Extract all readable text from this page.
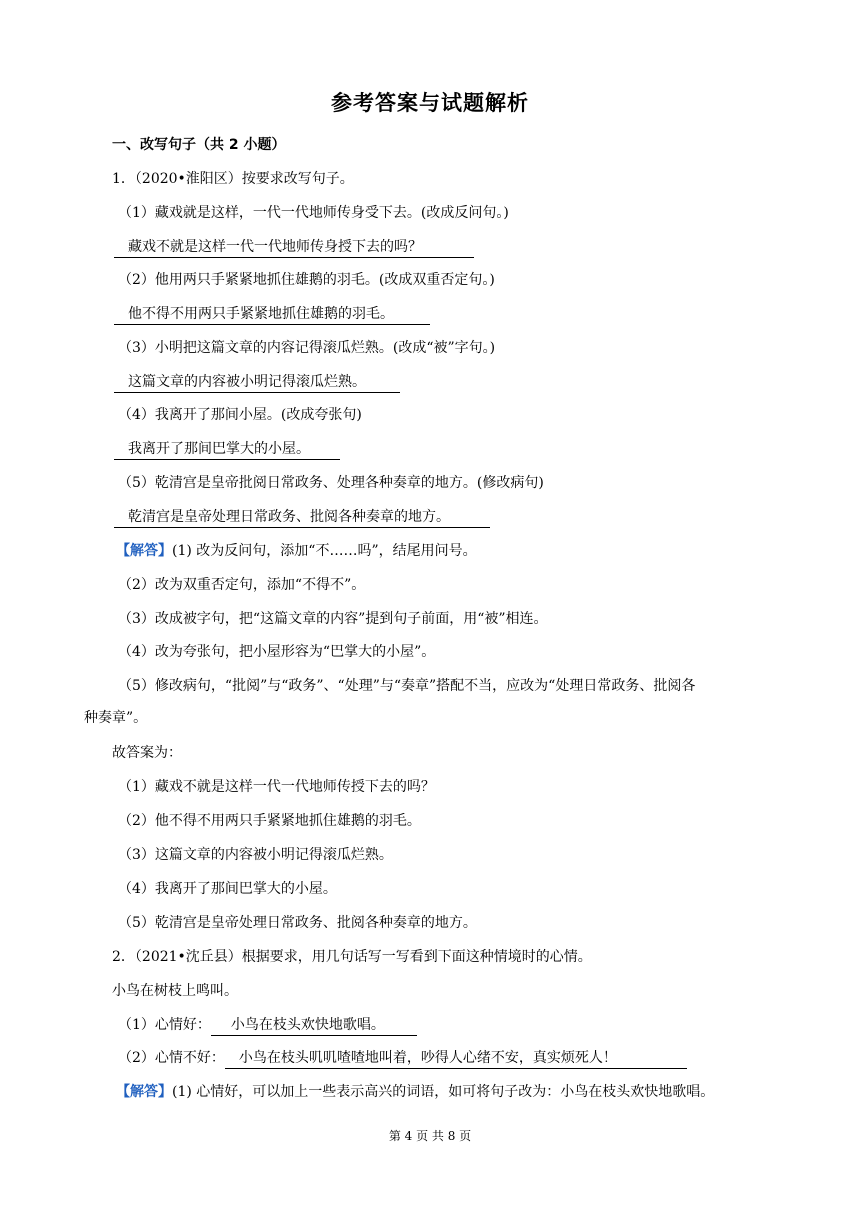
参考答案与试题解析
一、改写句子（共 2 小题）
1．（2020•淮阳区）按要求改写句子。
（1）藏戏就是这样，一代一代地师传身受下去。(改成反问句。)
藏戏不就是这样一代一代地师传身授下去的吗？
（2）他用两只手紧紧地抓住雄鹅的羽毛。(改成双重否定句。)
他不得不用两只手紧紧地抓住雄鹅的羽毛。
（3）小明把这篇文章的内容记得滚瓜烂熟。(改成“被”字句。)
这篇文章的内容被小明记得滚瓜烂熟。
（4）我离开了那间小屋。(改成夸张句)
我离开了那间巴掌大的小屋。
（5）乾清宫是皇帝批阅日常政务、处理各种奏章的地方。(修改病句)
乾清宫是皇帝处理日常政务、批阅各种奏章的地方。
【解答】(1) 改为反问句，添加“不……吗”，结尾用问号。
（2）改为双重否定句，添加“不得不”。
（3）改成被字句，把“这篇文章的内容”提到句子前面，用“被”相连。
（4）改为夸张句，把小屋形容为“巴掌大的小屋”。
（5）修改病句，“批阅”与“政务”、“处理”与“奏章”搭配不当，应改为“处理日常政务、批阅各
种奏章”。
故答案为：
（1）藏戏不就是这样一代一代地师传授下去的吗？
（2）他不得不用两只手紧紧地抓住雄鹅的羽毛。
（3）这篇文章的内容被小明记得滚瓜烂熟。
（4）我离开了那间巴掌大的小屋。
（5）乾清宫是皇帝处理日常政务、批阅各种奏章的地方。
2．（2021•沈丘县）根据要求，用几句话写一写看到下面这种情境时的心情。
小鸟在树枝上鸣叫。
（1）心情好： 小鸟在枝头欢快地歌唱。
（2）心情不好： 小鸟在枝头叽叽喳喳地叫着，吵得人心绪不安，真实烦死人！
【解答】(1) 心情好，可以加上一些表示高兴的词语，如可将句子改为：小鸟在枝头欢快地歌唱。
第 4 页 共 8 页
